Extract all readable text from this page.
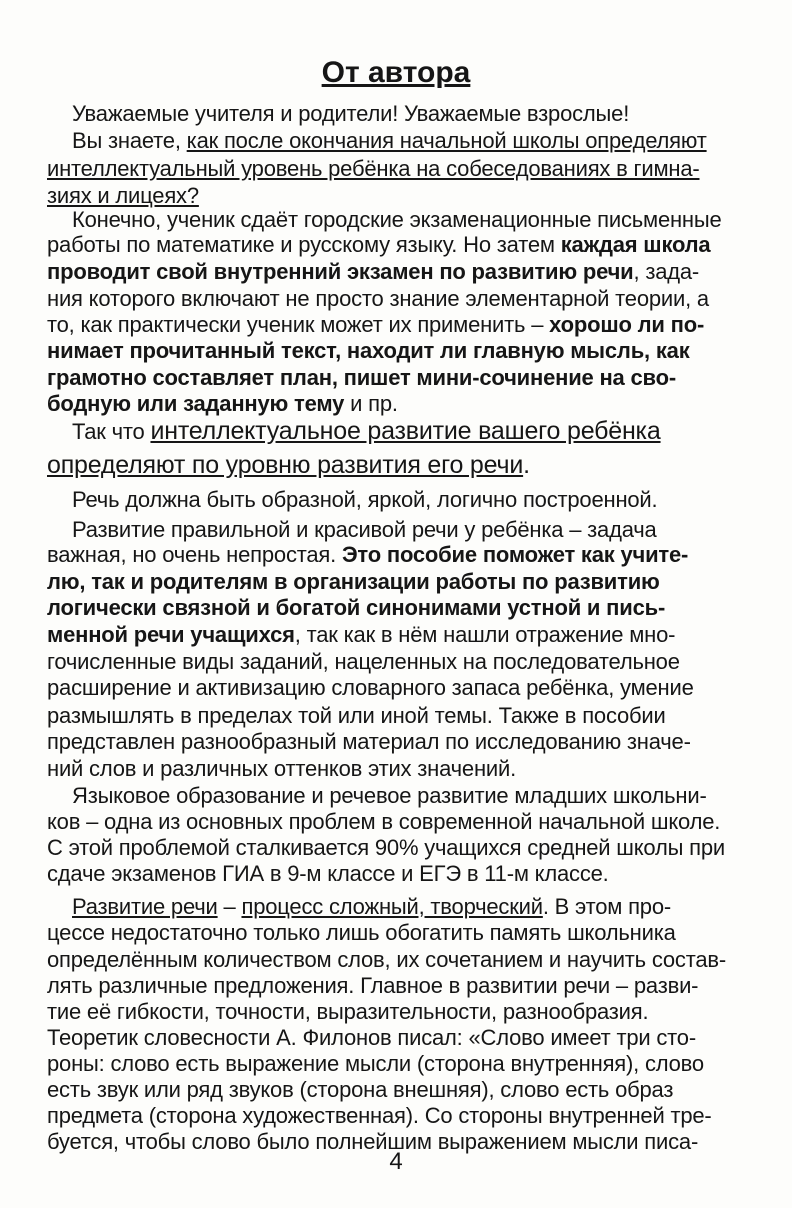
От автора

Уважаемые учителя и родители! Уважаемые взрослые!

Вы знаете, как после окончания начальной школы определяют

интеллектуальный уровень ребёнка на собеседованиях в гимна-

зиях и лицеях?

Конечно, ученик сдаёт городские экзаменационные письменные

работы по математике и русскому языку. Но затем каждая школа

проводит свой внутренний экзамен по развитию речи, зада-

ния которого включают не просто знание элементарной теории, а

то, как практически ученик может их применить – хорошо ли по-

нимает прочитанный текст, находит ли главную мысль, как

грамотно составляет план, пишет мини-сочинение на сво-

бодную или заданную тему и пр.

Так что интеллектуальное развитие вашего ребёнка

определяют по уровню развития его речи.

Речь должна быть образной, яркой, логично построенной.

Развитие правильной и красивой речи у ребёнка – задача

важная, но очень непростая. Это пособие поможет как учите-

лю, так и родителям в организации работы по развитию

логически связной и богатой синонимами устной и пись-

менной речи учащихся, так как в нём нашли отражение мно-

гочисленные виды заданий, нацеленных на последовательное

расширение и активизацию словарного запаса ребёнка, умение

размышлять в пределах той или иной темы. Также в пособии

представлен разнообразный материал по исследованию значе-

ний слов и различных оттенков этих значений.

Языковое образование и речевое развитие младших школьни-

ков – одна из основных проблем в современной начальной школе.

С этой проблемой сталкивается 90% учащихся средней школы при

сдаче экзаменов ГИА в 9-м классе и ЕГЭ в 11-м классе.

Развитие речи – процесс сложный, творческий. В этом про-

цессе недостаточно только лишь обогатить память школьника

определённым количеством слов, их сочетанием и научить состав-

лять различные предложения. Главное в развитии речи – разви-

тие её гибкости, точности, выразительности, разнообразия.

Теоретик словесности А. Филонов писал: «Слово имеет три сто-

роны: слово есть выражение мысли (сторона внутренняя), слово

есть звук или ряд звуков (сторона внешняя), слово есть образ

предмета (сторона художественная). Со стороны внутренней тре-

буется, чтобы слово было полнейшим выражением мысли писа-

4
